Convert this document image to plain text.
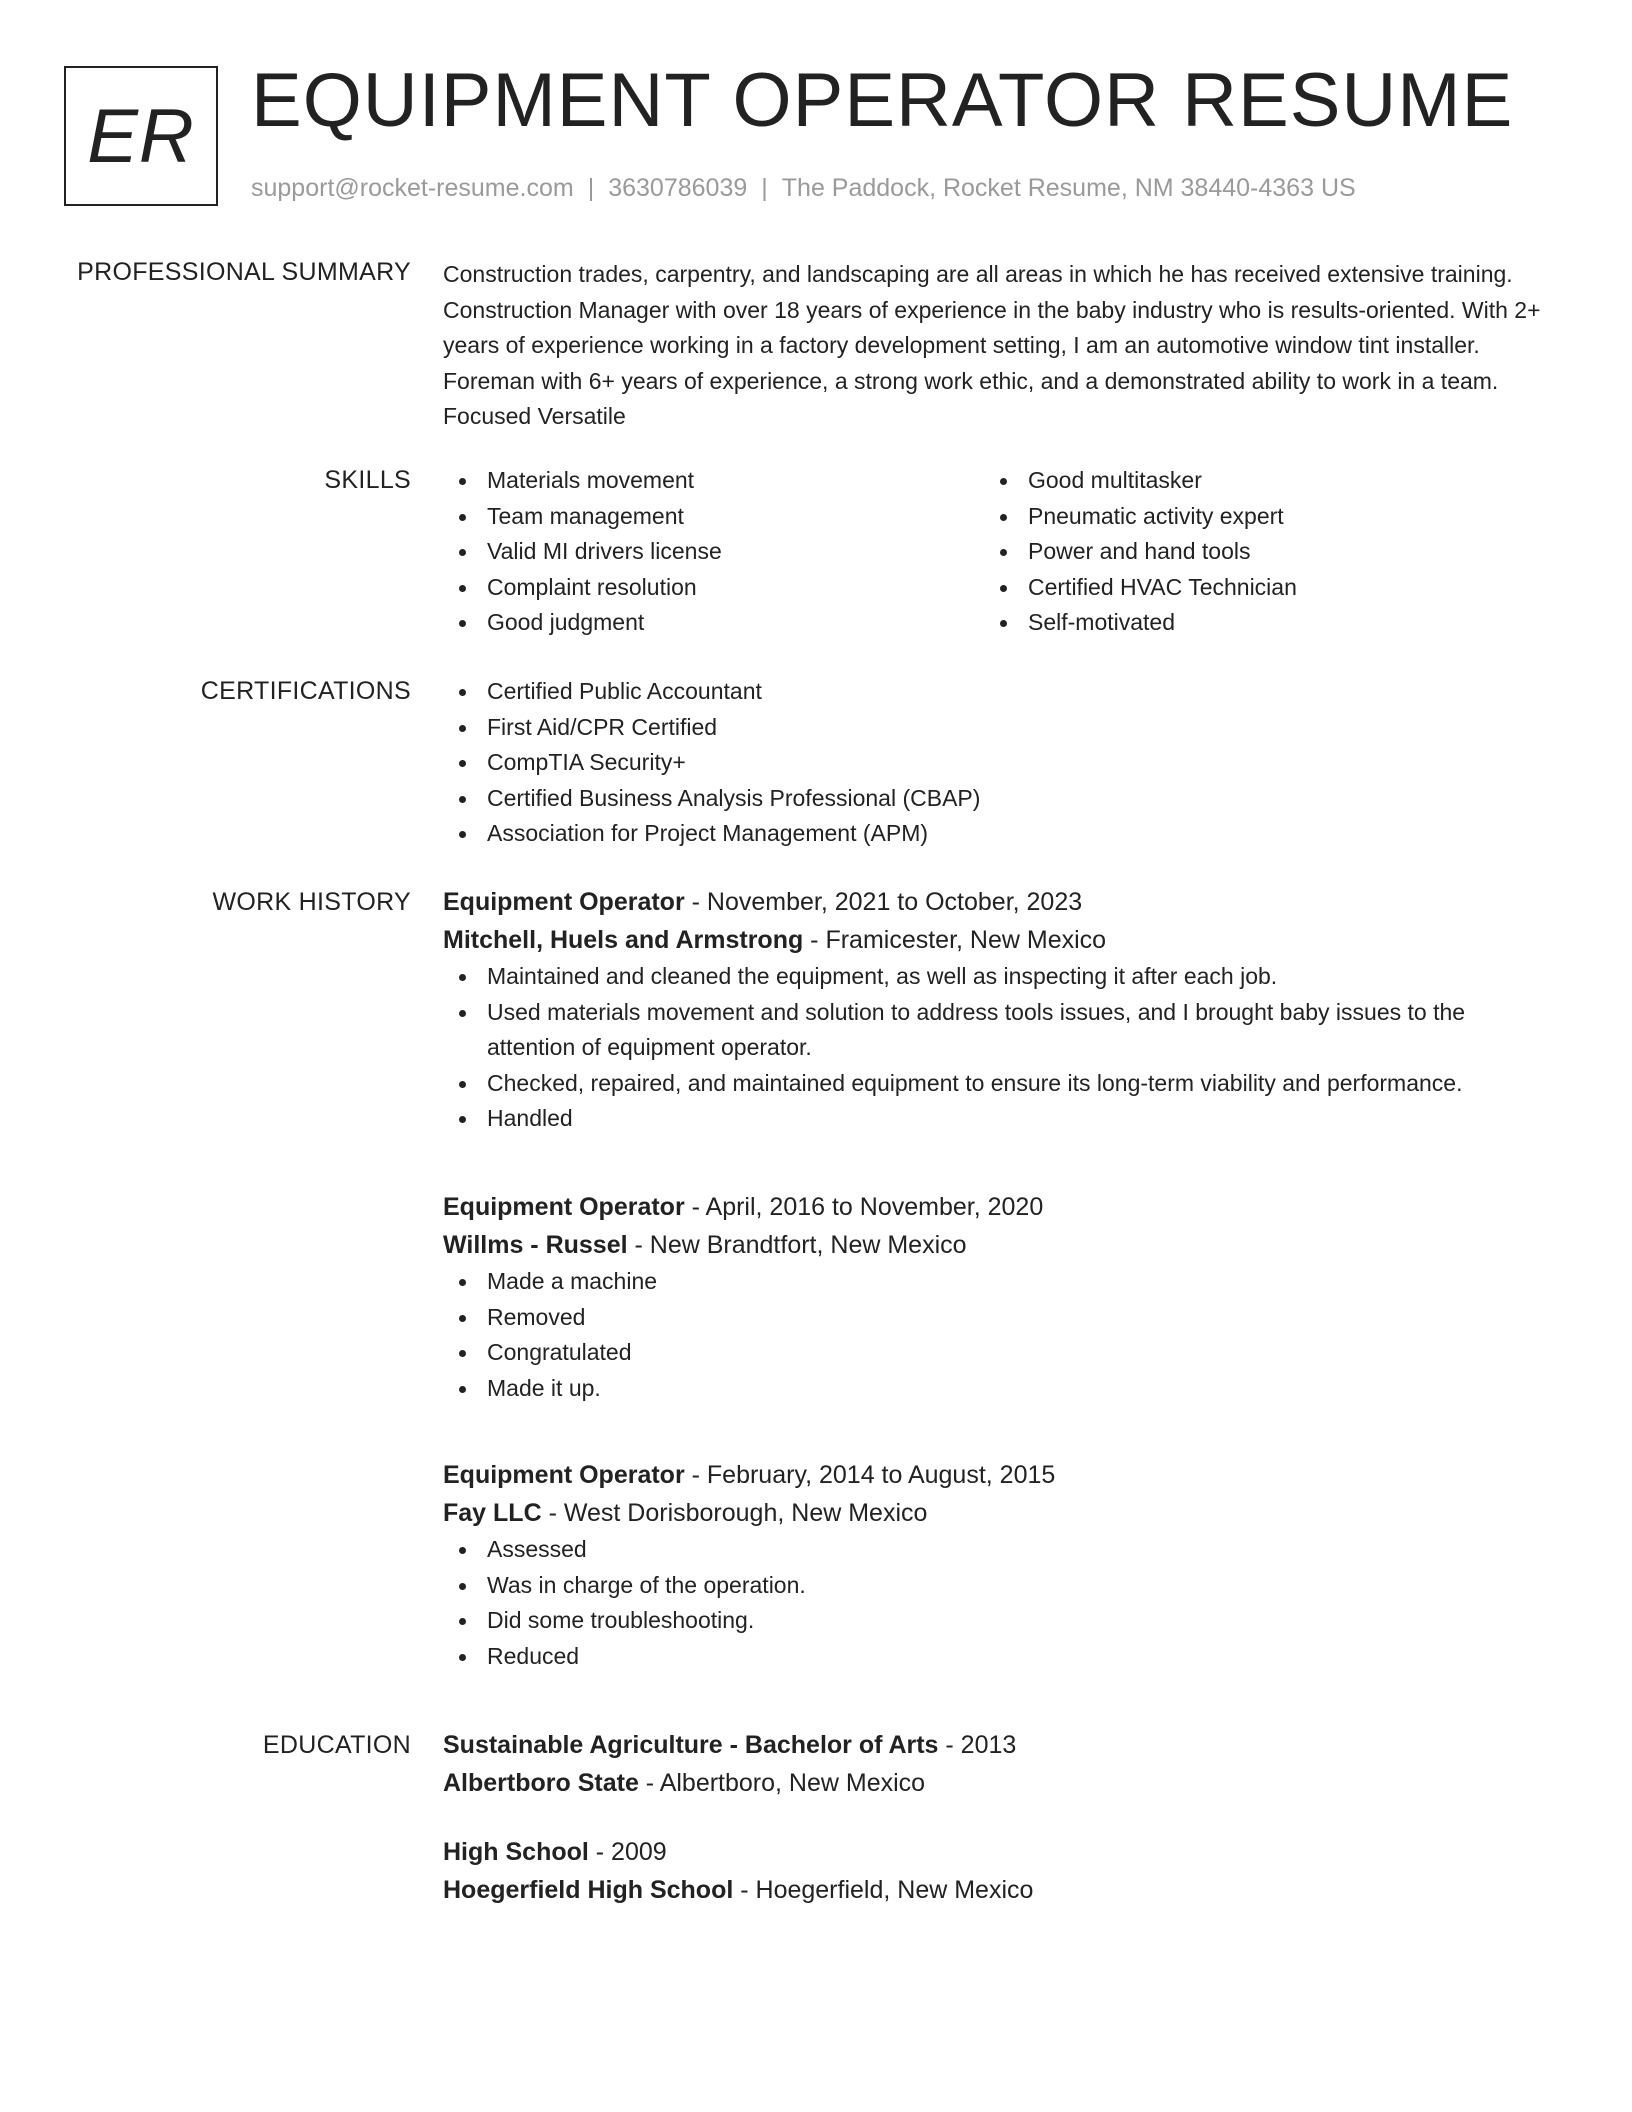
ER EQUIPMENT OPERATOR RESUME
support@rocket-resume.com | 3630786039 | The Paddock, Rocket Resume, NM 38440-4363 US
PROFESSIONAL SUMMARY Construction trades, carpentry, and landscaping are all areas in which he has received extensive training. Construction Manager with over 18 years of experience in the baby industry who is results-oriented. With 2+ years of experience working in a factory development setting, I am an automotive window tint installer. Foreman with 6+ years of experience, a strong work ethic, and a demonstrated ability to work in a team. Focused Versatile
SKILLS	Materials movement
Team management
Valid MI drivers license
Complaint resolution
Good judgment
Good multitasker
Pneumatic activity expert
Power and hand tools
Certified HVAC Technician
Self-motivated
CERTIFICATIONS	Certified Public Accountant
First Aid/CPR Certified
CompTIA Security+
Certified Business Analysis Professional (CBAP)
Association for Project Management (APM)
WORK HISTORY Equipment Operator - November, 2021 to October, 2023
Mitchell, Huels and Armstrong - Framicester, New Mexico
Maintained and cleaned the equipment, as well as inspecting it after each job.
Used materials movement and solution to address tools issues, and I brought baby issues to the attention of equipment operator.
Checked, repaired, and maintained equipment to ensure its long-term viability and performance.
Handled
Equipment Operator - April, 2016 to November, 2020
Willms - Russel - New Brandtfort, New Mexico
Made a machine
Removed
Congratulated
Made it up.
Equipment Operator - February, 2014 to August, 2015
Fay LLC - West Dorisborough, New Mexico
Assessed
Was in charge of the operation.
Did some troubleshooting.
Reduced
EDUCATION Sustainable Agriculture - Bachelor of Arts - 2013
Albertboro State - Albertboro, New Mexico
High School - 2009
Hoegerfield High School - Hoegerfield, New Mexico
